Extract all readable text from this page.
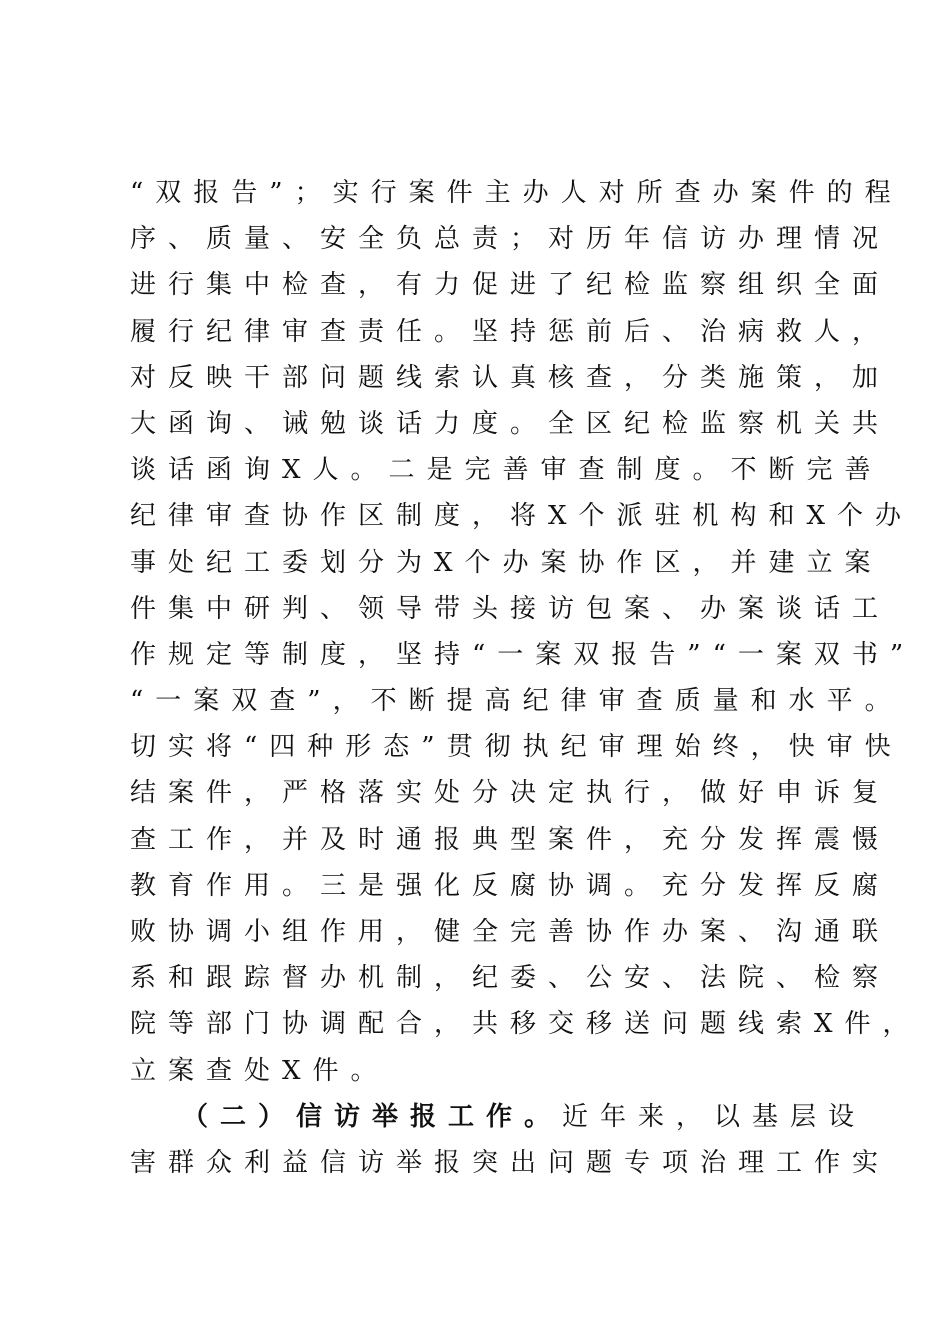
“双报告”；实行案件主办人对所查办案件的程
序、质量、安全负总责；对历年信访办理情况
进行集中检查，有力促进了纪检监察组织全面
履行纪律审查责任。坚持惩前后、治病救人，
对反映干部问题线索认真核查，分类施策，加
大函询、诫勉谈话力度。全区纪检监察机关共
谈话函询X人。二是完善审查制度。不断完善
纪律审查协作区制度，将X个派驻机构和X个办
事处纪工委划分为X个办案协作区，并建立案
件集中研判、领导带头接访包案、办案谈话工
作规定等制度，坚持“一案双报告”“一案双书”
“一案双查”，不断提高纪律审查质量和水平。
切实将“四种形态”贯彻执纪审理始终，快审快
结案件，严格落实处分决定执行，做好申诉复
查工作，并及时通报典型案件，充分发挥震慑
教育作用。三是强化反腐协调。充分发挥反腐
败协调小组作用，健全完善协作办案、沟通联
系和跟踪督办机制，纪委、公安、法院、检察
院等部门协调配合，共移交移送问题线索X件，
立案查处X件。
（二）信访举报工作。近年来，以基层设
害群众利益信访举报突出问题专项治理工作实
